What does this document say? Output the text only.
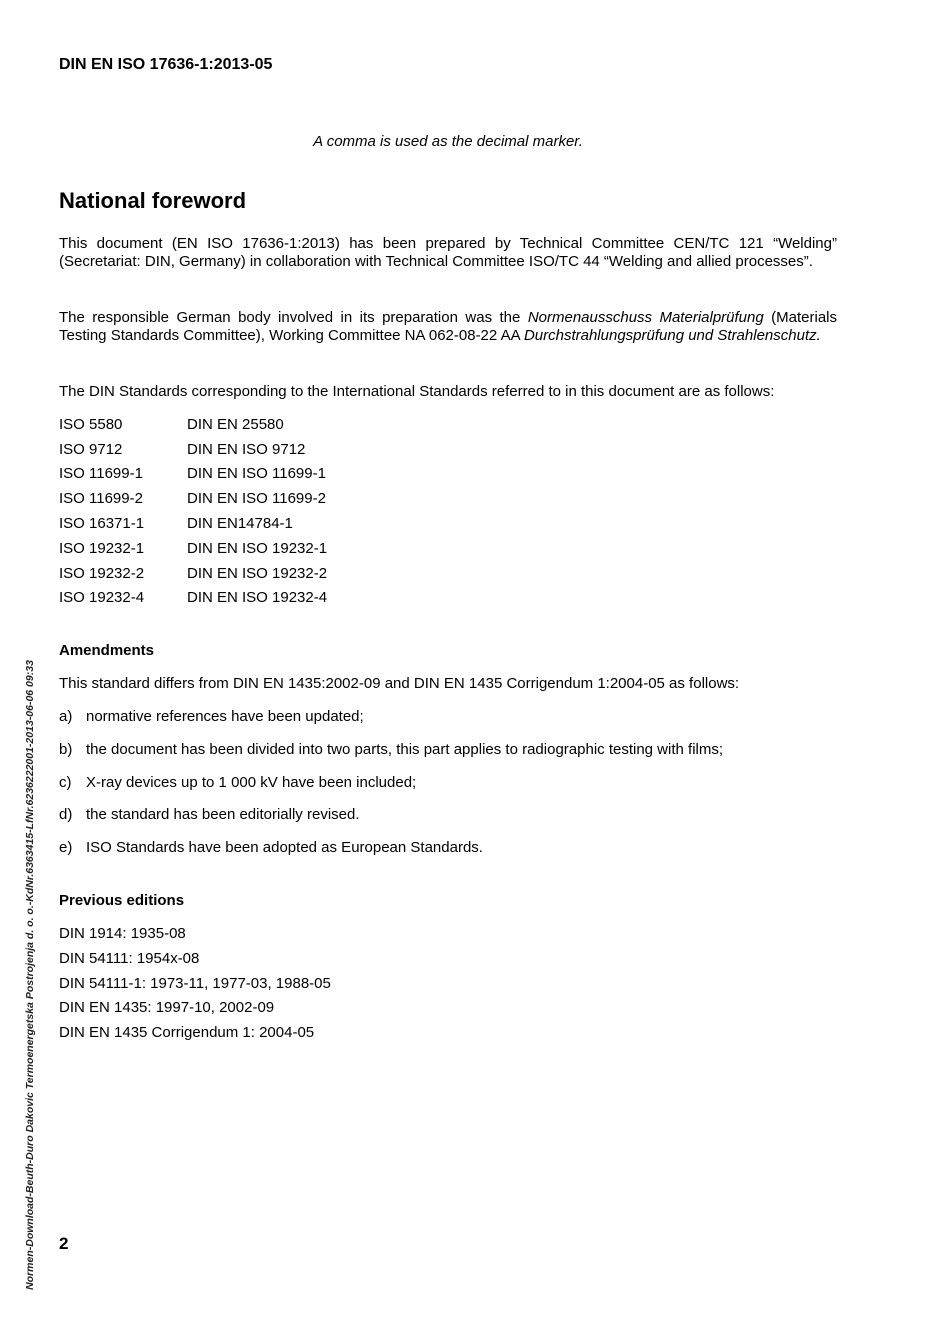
DIN EN ISO 17636-1:2013-05
A comma is used as the decimal marker.
National foreword

This document (EN ISO 17636-1:2013) has been prepared by Technical Committee CEN/TC 121 “Welding” (Secretariat: DIN, Germany) in collaboration with Technical Committee ISO/TC 44 “Welding and allied processes”.

The responsible German body involved in its preparation was the Normenausschuss Materialprüfung (Materials Testing Standards Committee), Working Committee NA 062-08-22 AA Durchstrahlungsprüfung und Strahlenschutz.

The DIN Standards corresponding to the International Standards referred to in this document are as follows:

ISO 5580	DIN EN 25580
ISO 9712	DIN EN ISO 9712
ISO 11699-1	DIN EN ISO 11699-1
ISO 11699-2	DIN EN ISO 11699-2
ISO 16371-1	DIN EN14784-1
ISO 19232-1	DIN EN ISO 19232-1
ISO 19232-2	DIN EN ISO 19232-2
ISO 19232-4	DIN EN ISO 19232-4
Amendments
This standard differs from DIN EN 1435:2002-09 and DIN EN 1435 Corrigendum 1:2004-05 as follows:
a) normative references have been updated;
b) the document has been divided into two parts, this part applies to radiographic testing with films;
c) X-ray devices up to 1 000 kV have been included;
d) the standard has been editorially revised.
e) ISO Standards have been adopted as European Standards.
Previous editions
DIN 1914: 1935-08
DIN 54111: 1954x-08
DIN 54111-1: 1973-11, 1977-03, 1988-05
DIN EN 1435: 1997-10, 2002-09
DIN EN 1435 Corrigendum 1: 2004-05
2
Normen-Download-Beuth-Duro Dakovic Termoenergetska Postrojenja d. o. o.-KdNr.6363415-LfNr.6236222001-2013-06-06 09:33
